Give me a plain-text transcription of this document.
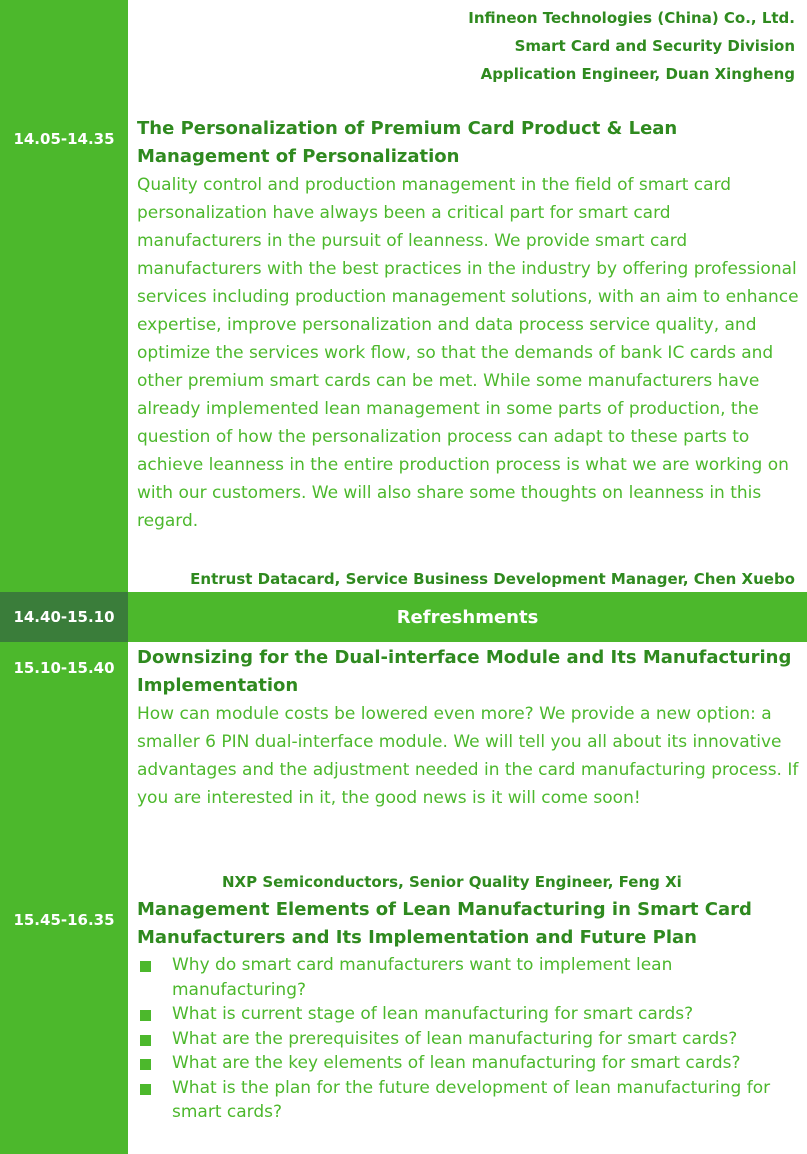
Infineon Technologies (China) Co., Ltd.
Smart Card and Security Division
Application Engineer, Duan Xingheng
14.05-14.35	The Personalization of Premium Card Product & Lean Management of Personalization
Quality control and production management in the field of smart card personalization have always been a critical part for smart card manufacturers in the pursuit of leanness. We provide smart card manufacturers with the best practices in the industry by offering professional services including production management solutions, with an aim to enhance expertise, improve personalization and data process service quality, and optimize the services work flow, so that the demands of bank IC cards and other premium smart cards can be met. While some manufacturers have already implemented lean management in some parts of production, the question of how the personalization process can adapt to these parts to achieve leanness in the entire production process is what we are working on with our customers. We will also share some thoughts on leanness in this regard.
Entrust Datacard, Service Business Development Manager, Chen Xuebo
14.40-15.10	Refreshments
15.10-15.40	Downsizing for the Dual-interface Module and Its Manufacturing Implementation
How can module costs be lowered even more? We provide a new option: a smaller 6 PIN dual-interface module. We will tell you all about its innovative advantages and the adjustment needed in the card manufacturing process. If you are interested in it, the good news is it will come soon!
NXP Semiconductors, Senior Quality Engineer, Feng Xi
15.45-16.35	Management Elements of Lean Manufacturing in Smart Card Manufacturers and Its Implementation and Future Plan
Why do smart card manufacturers want to implement lean manufacturing?
What is current stage of lean manufacturing for smart cards?
What are the prerequisites of lean manufacturing for smart cards?
What are the key elements of lean manufacturing for smart cards?
What is the plan for the future development of lean manufacturing for smart cards?
